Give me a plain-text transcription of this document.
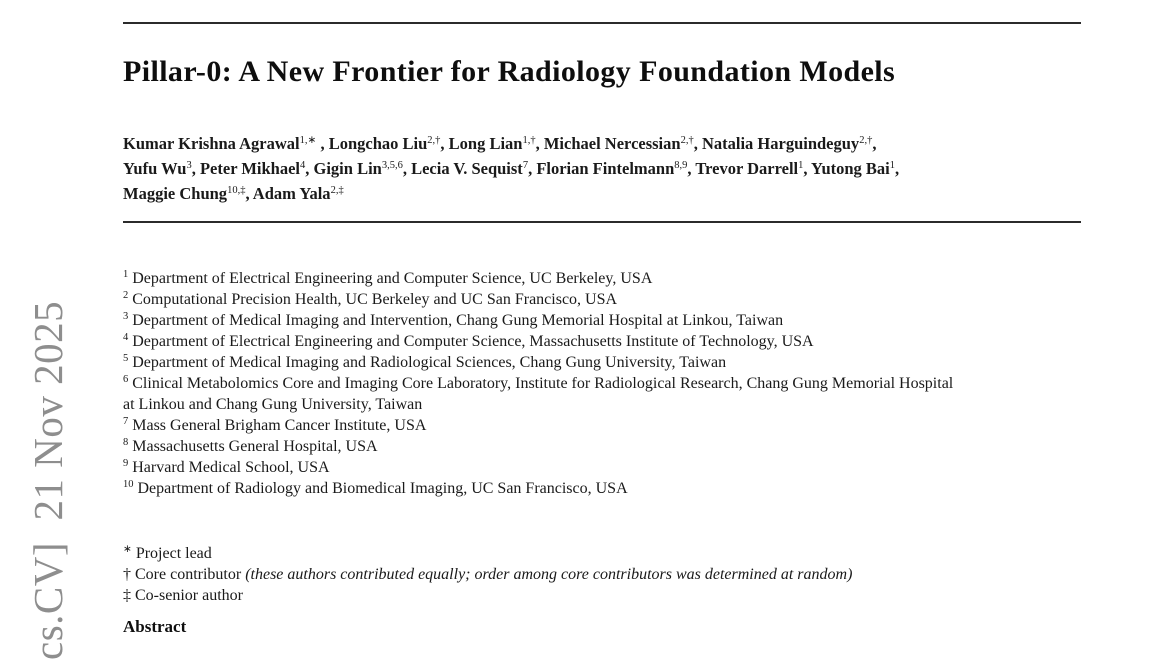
cs.CV]  21 Nov 2025
Pillar-0: A New Frontier for Radiology Foundation Models
Kumar Krishna Agrawal$^{1,∗}$ , Longchao Liu$^{2,\dagger}$, Long Lian$^{1,\dagger}$, Michael Nercessian$^{2,\dagger}$, Natalia Harguindeguy$^{2,\dagger}$,
Yufu Wu$^3$, Peter Mikhael$^4$, Gigin Lin$^{3,5,6}$, Lecia V. Sequist$^7$, Florian Fintelmann$^{8,9}$, Trevor Darrell$^1$, Yutong Bai$^1$,
Maggie Chung$^{10,\ddagger}$, Adam Yala$^{2,\ddagger}$
$^1$ Department of Electrical Engineering and Computer Science, UC Berkeley, USA
$^2$ Computational Precision Health, UC Berkeley and UC San Francisco, USA
$^3$ Department of Medical Imaging and Intervention, Chang Gung Memorial Hospital at Linkou, Taiwan
$^4$ Department of Electrical Engineering and Computer Science, Massachusetts Institute of Technology, USA
$^5$ Department of Medical Imaging and Radiological Sciences, Chang Gung University, Taiwan
$^6$ Clinical Metabolomics Core and Imaging Core Laboratory, Institute for Radiological Research, Chang Gung Memorial Hospital
at Linkou and Chang Gung University, Taiwan
$^7$ Mass General Brigham Cancer Institute, USA
$^8$ Massachusetts General Hospital, USA
$^9$ Harvard Medical School, USA
$^{10}$ Department of Radiology and Biomedical Imaging, UC San Francisco, USA
∗ Project lead
† Core contributor (these authors contributed equally; order among core contributors was determined at random)
‡ Co-senior author
Abstract
